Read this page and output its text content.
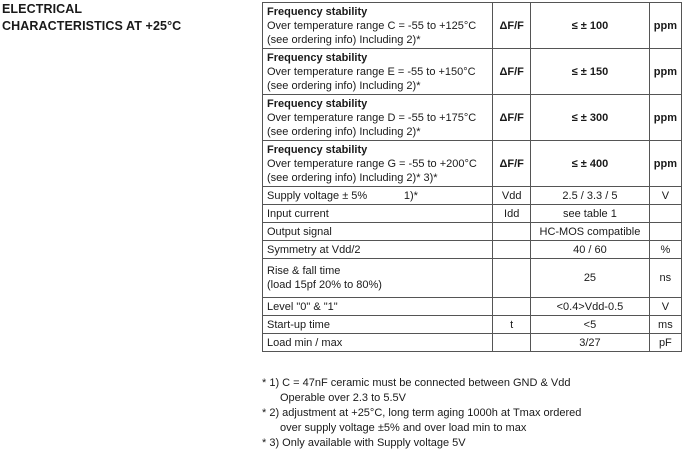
ELECTRICAL
CHARACTERISTICS AT +25°C
Frequency stability
Over temperature range C = -55 to +125°C
(see ordering info) Including 2)*	ΔF/F	≤ ± 100	ppm

Frequency stability
Over temperature range E = -55 to +150°C
(see ordering info) Including 2)*	ΔF/F	≤ ± 150	ppm

Frequency stability
Over temperature range D = -55 to +175°C
(see ordering info) Including 2)*	ΔF/F	≤ ± 300	ppm

Frequency stability
Over temperature range G = -55 to +200°C
(see ordering info) Including 2)* 3)*	ΔF/F	≤ ± 400	ppm
Supply voltage ± 5%            1)*	Vdd	2.5 / 3.3 / 5	V
Input current	Idd	see table 1	
Output signal		HC-MOS compatible	
Symmetry at Vdd/2		40 / 60	%

Rise & fall time
(load 15pf 20% to 80%)		25	ns
Level "0" & "1"		<0.4>Vdd-0.5	V
Start-up time	t	<5	ms
Load min / max		3/27	pF
* 1) C = 47nF ceramic must be connected between GND & Vdd
Operable over 2.3 to 5.5V
* 2) adjustment at +25°C, long term aging 1000h at Tmax ordered
over supply voltage ±5% and over load min to max
* 3) Only available with Supply voltage 5V
